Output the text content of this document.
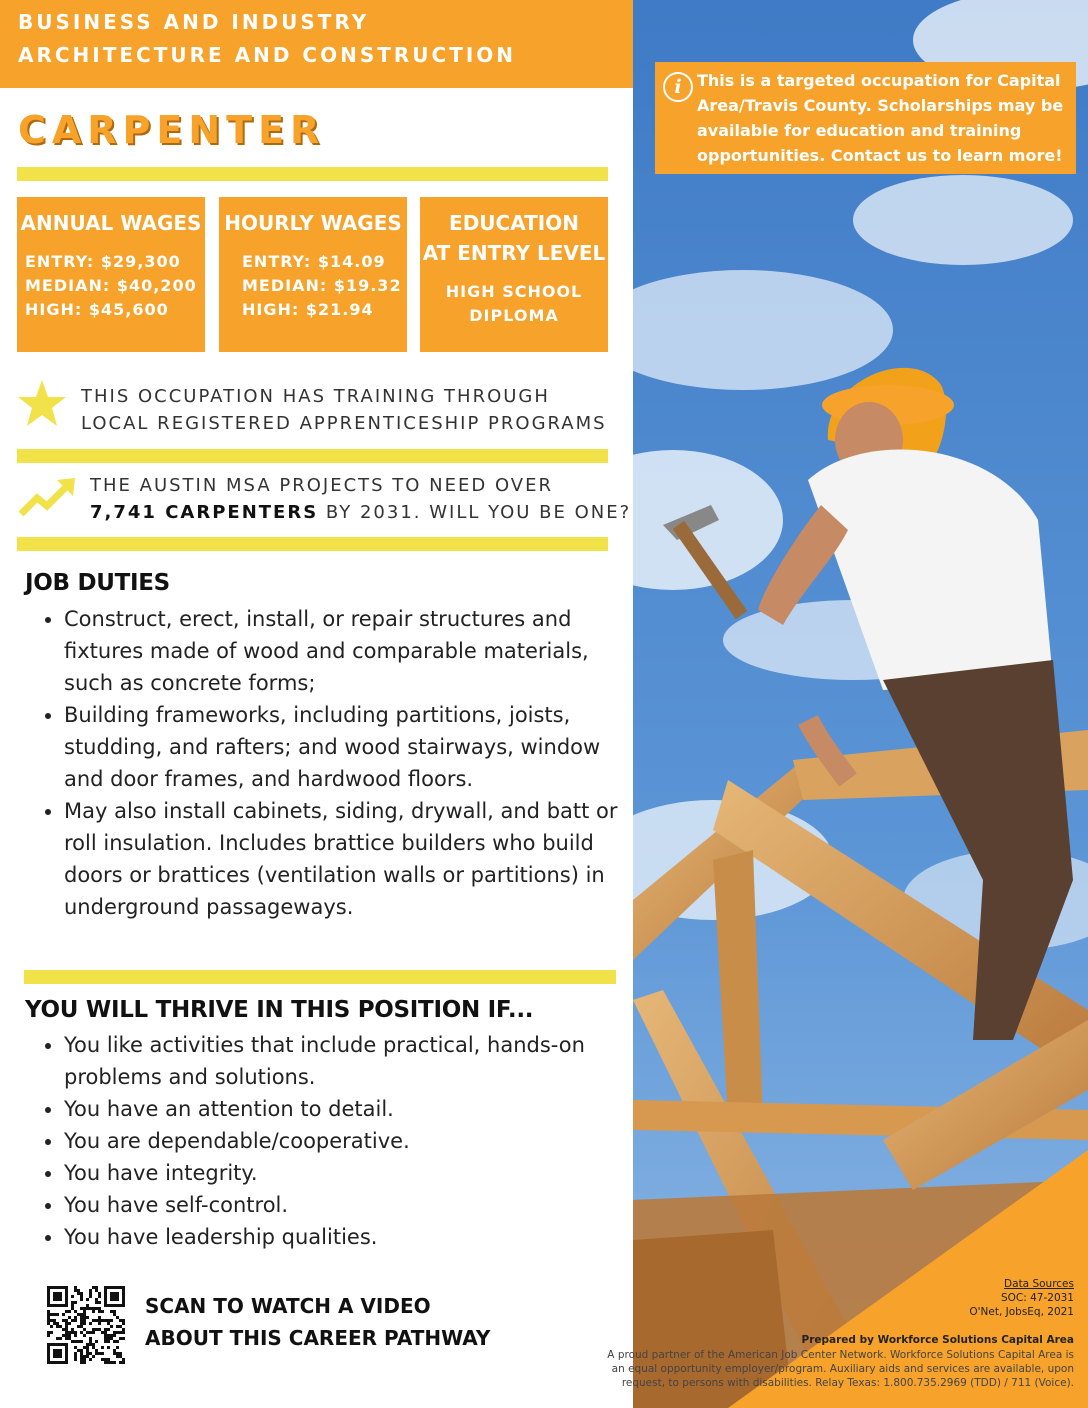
BUSINESS AND INDUSTRY
ARCHITECTURE AND CONSTRUCTION
CARPENTER
ANNUAL WAGES
ENTRY: $29,300
MEDIAN: $40,200
HIGH: $45,600
HOURLY WAGES
ENTRY: $14.09
MEDIAN: $19.32
HIGH: $21.94
EDUCATION
AT ENTRY LEVEL
HIGH SCHOOL
DIPLOMA
THIS OCCUPATION HAS TRAINING THROUGH
LOCAL REGISTERED APPRENTICESHIP PROGRAMS
THE AUSTIN MSA PROJECTS TO NEED OVER
7,741 CARPENTERS BY 2031. WILL YOU BE ONE?
JOB DUTIES
• Construct, erect, install, or repair structures and fixtures made of wood and comparable materials, such as concrete forms;
• Building frameworks, including partitions, joists, studding, and rafters; and wood stairways, window and door frames, and hardwood floors.
• May also install cabinets, siding, drywall, and batt or roll insulation. Includes brattice builders who build doors or brattices (ventilation walls or partitions) in underground passageways.
YOU WILL THRIVE IN THIS POSITION IF...
• You like activities that include practical, hands-on problems and solutions.
• You have an attention to detail.
• You are dependable/cooperative.
• You have integrity.
• You have self-control.
• You have leadership qualities.
SCAN TO WATCH A VIDEO
ABOUT THIS CAREER PATHWAY
i This is a targeted occupation for Capital Area/Travis County. Scholarships may be available for education and training opportunities. Contact us to learn more!
Data Sources
SOC: 47-2031
O'Net, JobsEq, 2021
Prepared by Workforce Solutions Capital Area
A proud partner of the American Job Center Network. Workforce Solutions Capital Area is
an equal opportunity employer/program. Auxiliary aids and services are available, upon
request, to persons with disabilities. Relay Texas: 1.800.735.2969 (TDD) / 711 (Voice).
